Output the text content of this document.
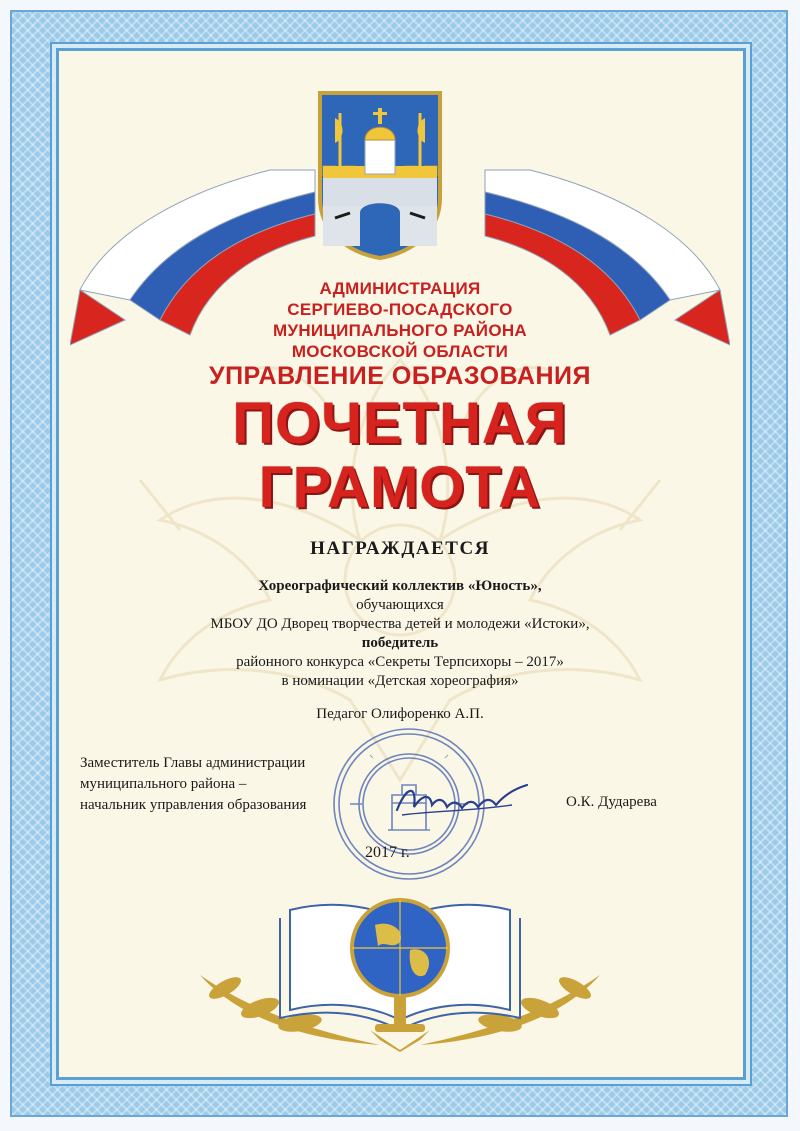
АДМИНИСТРАЦИЯ
СЕРГИЕВО-ПОСАДСКОГО
МУНИЦИПАЛЬНОГО РАЙОНА
МОСКОВСКОЙ ОБЛАСТИ
УПРАВЛЕНИЕ ОБРАЗОВАНИЯ
ПОЧЕТНАЯ
ГРАМОТА
НАГРАЖДАЕТСЯ
Хореографический коллектив «Юность»,
обучающихся
МБОУ ДО Дворец творчества детей и молодежи «Истоки»,
победитель
районного конкурса «Секреты Терпсихоры – 2017»
в номинации «Детская хореография»
Педагог Олифоренко А.П.
Заместитель Главы администрации
муниципального района –
начальник управления образования	О.К. Дударева
2017 г.
